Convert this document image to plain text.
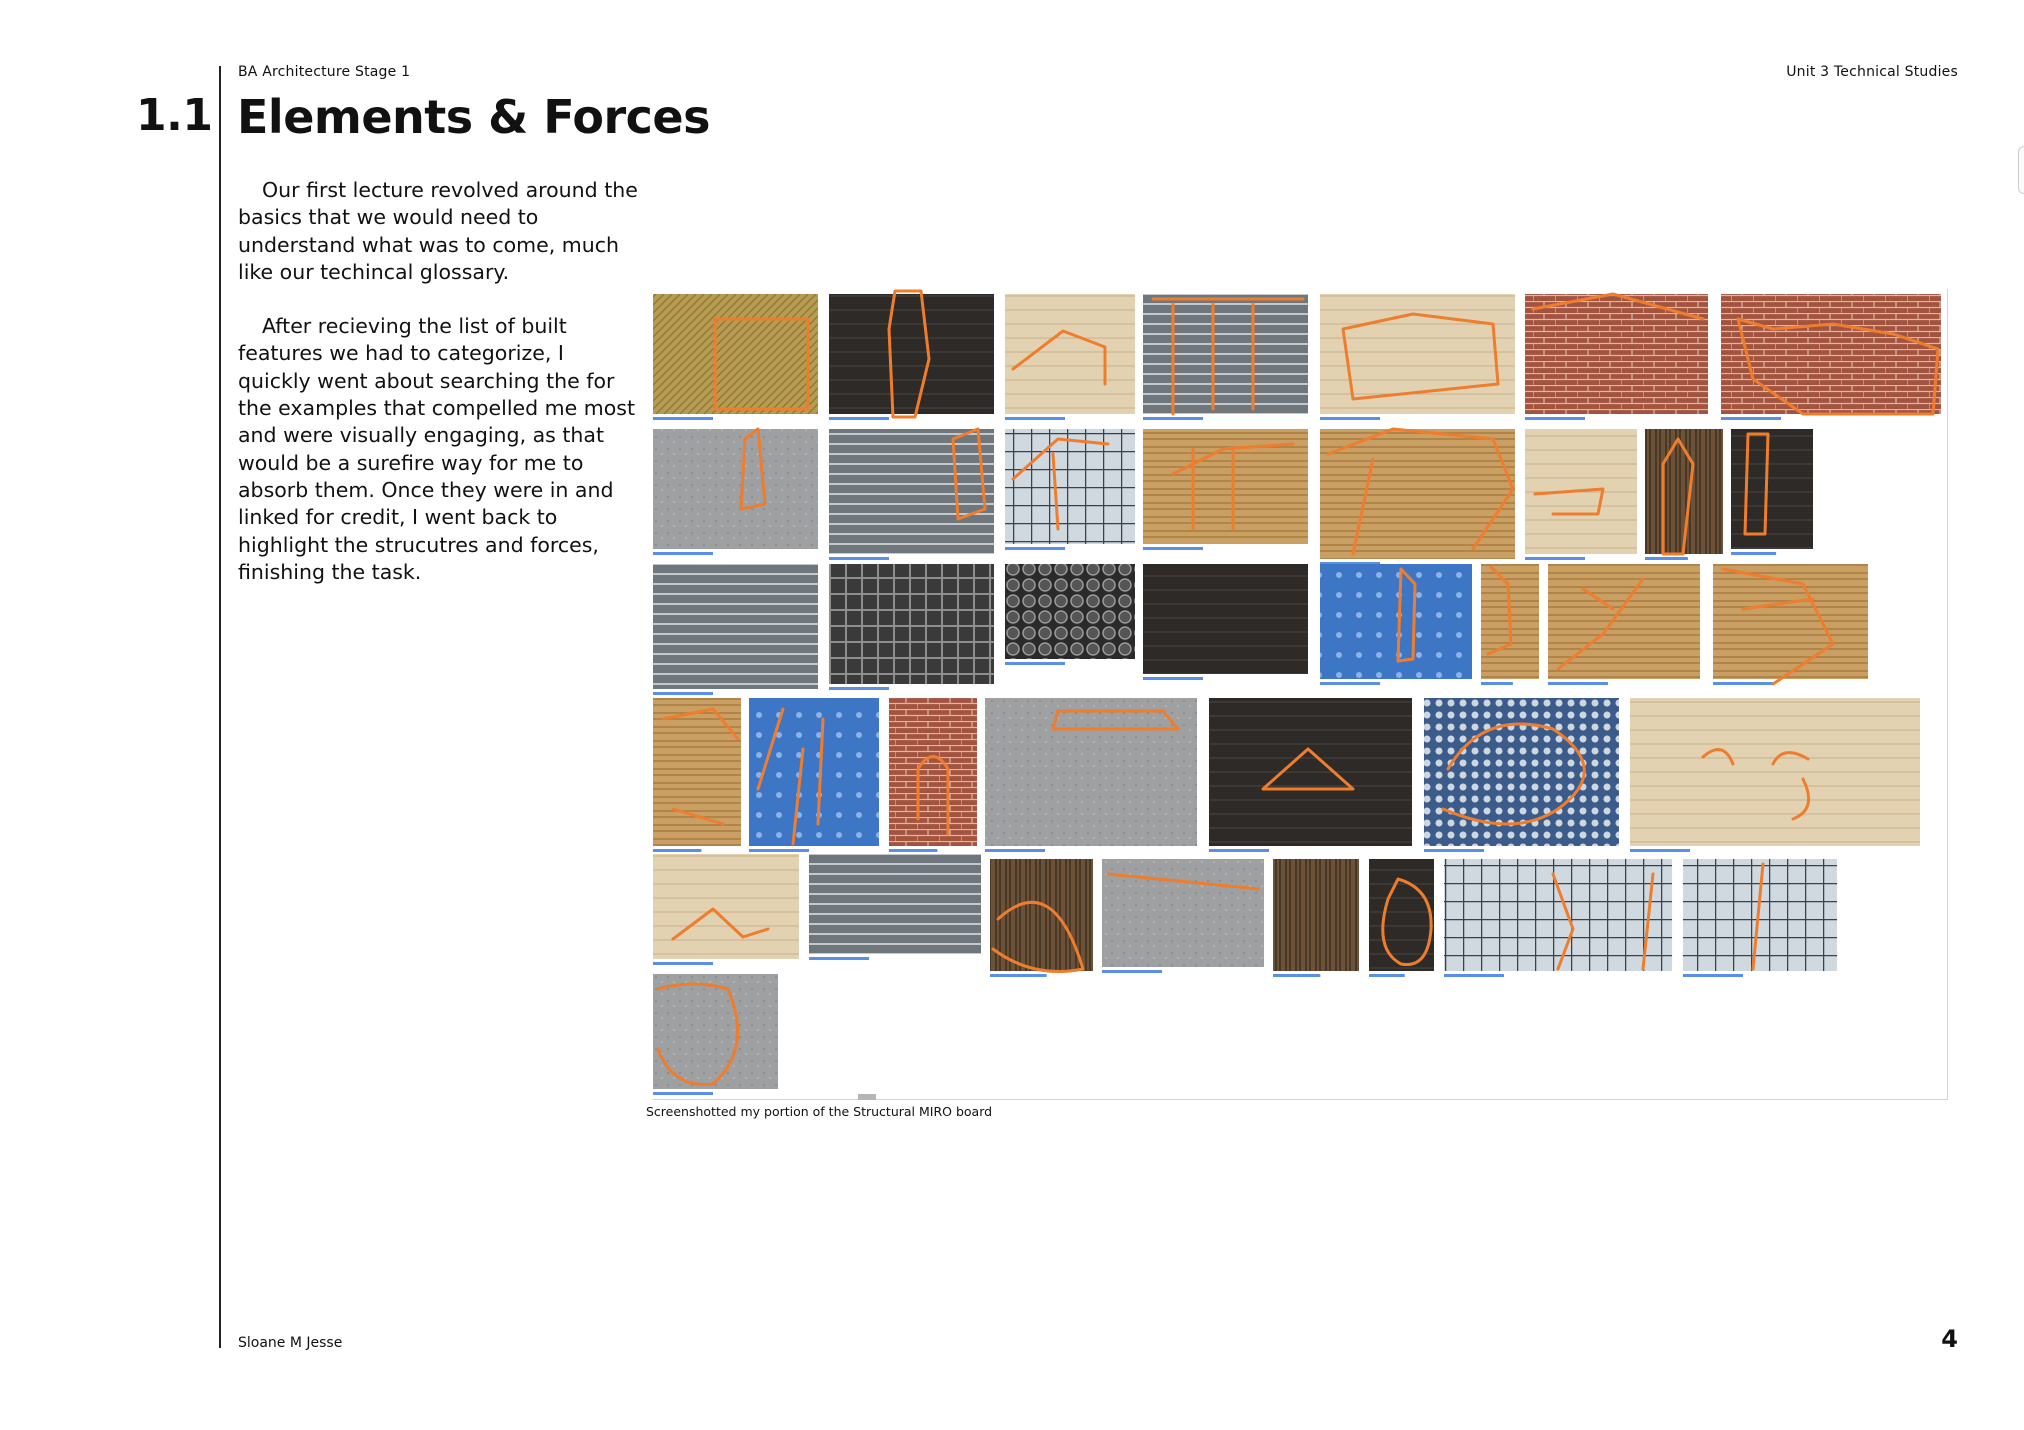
BA Architecture Stage 1	Unit 3 Technical Studies
1.1 Elements & Forces

Our first lecture revolved around the basics that we would need to understand what was to come, much like our techincal glossary.

After recieving the list of built features we had to categorize, I quickly went about searching the for the examples that compelled me most and were visually engaging, as that would be a surefire way for me to absorb them. Once they were in and linked for credit, I went back to highlight the strucutres and forces, finishing the task.

Screenshotted my portion of the Structural MIRO board
Sloane M Jesse	4
